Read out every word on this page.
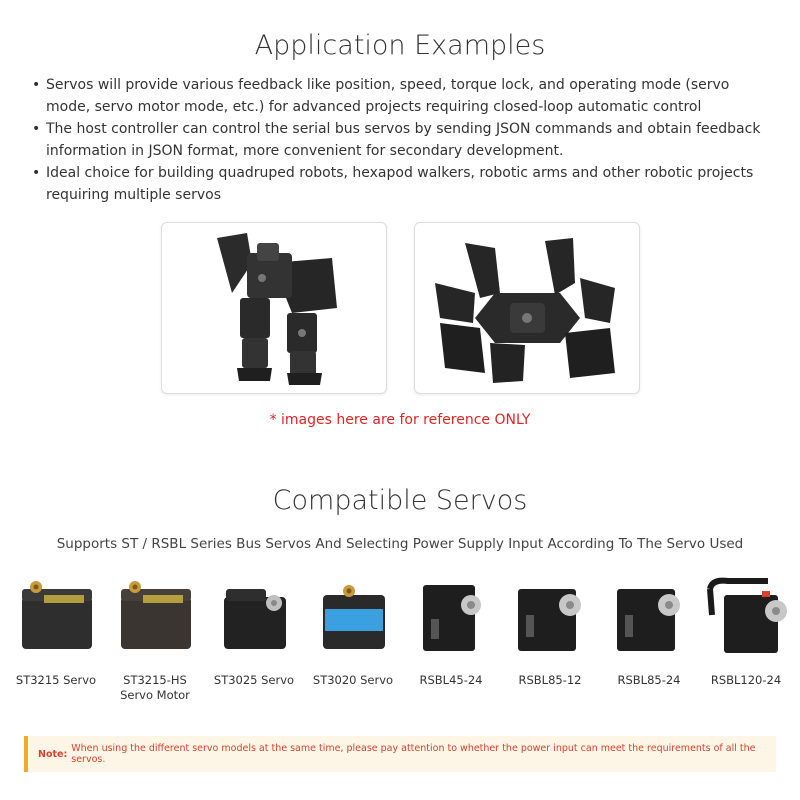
Application Examples
• Servos will provide various feedback like position, speed, torque lock, and operating mode (servo mode, servo motor mode, etc.) for advanced projects requiring closed-loop automatic control
• The host controller can control the serial bus servos by sending JSON commands and obtain feedback information in JSON format, more convenient for secondary development.
• Ideal choice for building quadruped robots, hexapod walkers, robotic arms and other robotic projects requiring multiple servos
* images here are for reference ONLY
Compatible Servos
Supports ST / RSBL Series Bus Servos And Selecting Power Supply Input According To The Servo Used
ST3215 Servo	ST3215-HS
Servo Motor
ST3025 Servo	ST3020 Servo	RSBL45-24	RSBL85-12	RSBL85-24	RSBL120-24
Note: When using the different servo models at the same time, please pay attention to whether the power input can meet the requirements of all the servos.
